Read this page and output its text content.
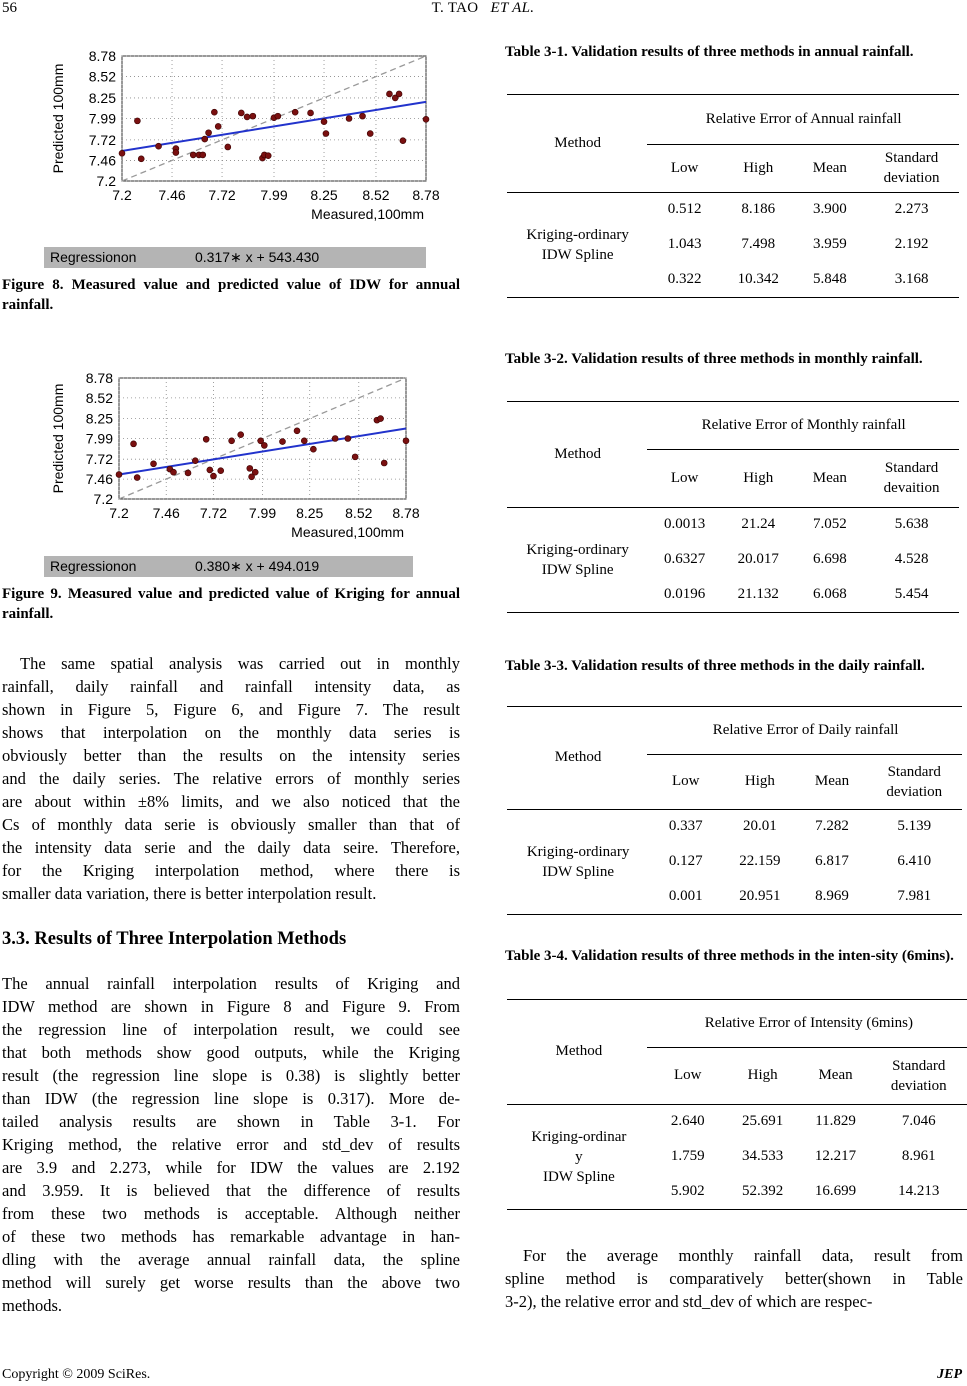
56	T. TAO ET AL.
8.78
8.52
8.25
7.99
7.72
7.46
7.2
7.2 7.46 7.72 7.99 8.25 8.52 8.78
Predicted 100mm
Measured,100mm
Regressionon	0.317∗ x + 543.430
Figure 8. Measured value and predicted value of IDW for annual rainfall.
8.78
8.52
8.25
7.99
7.72
7.46
7.2
7.2 7.46 7.72 7.99 8.25 8.52 8.78
Predicted 100mm
Measured,100mm
Regressionon	0.380∗ x + 494.019
Figure 9. Measured value and predicted value of Kriging for annual rainfall.
The same spatial analysis was carried out in monthly
rainfall, daily rainfall and rainfall intensity data, as
shown in Figure 5, Figure 6, and Figure 7. The result
shows that interpolation on the monthly data series is
obviously better than the results on the intensity series
and the daily series. The relative errors of monthly series
are about within ±8% limits, and we also noticed that the
Cs of monthly data serie is obviously smaller than that of
the intensity data serie and the daily data seire. Therefore,
for the Kriging interpolation method, where there is
smaller data variation, there is better interpolation result.
3.3. Results of Three Interpolation Methods
The annual rainfall interpolation results of Kriging and
IDW method are shown in Figure 8 and Figure 9. From
the regression line of interpolation result, we could see
that both methods show good outputs, while the Kriging
result (the regression line slope is 0.38) is slightly better
than IDW (the regression line slope is 0.317). More de-
tailed analysis results are shown in Table 3-1. For
Kriging method, the relative error and std_dev of results
are 3.9 and 2.273, while for IDW the values are 2.192
and 3.959. It is believed that the difference of results
from these two methods is acceptable. Although neither
of these two methods has remarkable advantage in han-
dling with the average annual rainfall data, the spline
method will surely get worse results than the above two
methods.
Table 3-1. Validation results of three methods in annual rainfall.
Method	Relative Error of Annual rainfall			
	Low	High	Mean	Standard deviation

Kriging-ordinary
IDW Spline	0.512	8.186	3.900	2.273
	1.043	7.498	3.959	2.192
	0.322	10.342	5.848	3.168
Table 3-2. Validation results of three methods in monthly rainfall.
Method	Relative Error of Monthly rainfall			
	Low	High	Mean	Standard devaition

Kriging-ordinary
IDW Spline	0.0013	21.24	7.052	5.638
	0.6327	20.017	6.698	4.528
	0.0196	21.132	6.068	5.454
Table 3-3. Validation results of three methods in the daily rainfall.
Method	Relative Error of Daily rainfall			
	Low	High	Mean	Standard deviation

Kriging-ordinary
IDW Spline	0.337	20.01	7.282	5.139
	0.127	22.159	6.817	6.410
	0.001	20.951	8.969	7.981
Table 3-4. Validation results of three methods in the inten-sity (6mins).
Method	Relative Error of Intensity (6mins)			
	Low	High	Mean	Standard deviation

Kriging-ordinar
y
IDW Spline	2.640	25.691	11.829	7.046
	1.759	34.533	12.217	8.961
	5.902	52.392	16.699	14.213
For the average monthly rainfall data, result from
spline method is comparatively better(shown in Table
3-2), the relative error and std_dev of which are respec-
Copyright © 2009 SciRes.	JEP
